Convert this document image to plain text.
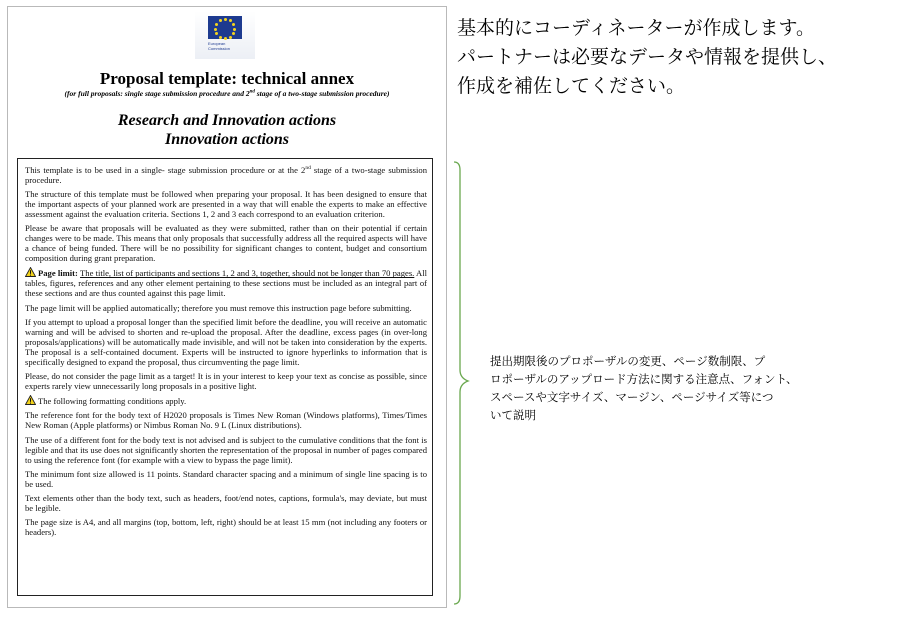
European
Commission
Proposal template: technical annex
(for full proposals: single stage submission procedure and 2nd stage of a two-stage submission procedure)
Research and Innovation actions
Innovation actions

This template is to be used in a single- stage submission procedure or at the 2nd stage of a two-stage submission procedure.

The structure of this template must be followed when preparing your proposal. It has been designed to ensure that the important aspects of your planned work are presented in a way that will enable the experts to make an effective assessment against the evaluation criteria. Sections 1, 2 and 3 each correspond to an evaluation criterion.

Please be aware that proposals will be evaluated as they were submitted, rather than on their potential if certain changes were to be made. This means that only proposals that successfully address all the required aspects will have a chance of being funded. There will be no possibility for significant changes to content, budget and consortium composition during grant preparation.

Page limit: The title, list of participants and sections 1, 2 and 3, together, should not be longer than 70 pages. All tables, figures, references and any other element pertaining to these sections must be included as an integral part of these sections and are thus counted against this page limit.

The page limit will be applied automatically; therefore you must remove this instruction page before submitting.

If you attempt to upload a proposal longer than the specified limit before the deadline, you will receive an automatic warning and will be advised to shorten and re-upload the proposal. After the deadline, excess pages (in over-long proposals/applications) will be automatically made invisible, and will not be taken into consideration by the experts. The proposal is a self-contained document. Experts will be instructed to ignore hyperlinks to information that is specifically designed to expand the proposal, thus circumventing the page limit.

Please, do not consider the page limit as a target! It is in your interest to keep your text as concise as possible, since experts rarely view unnecessarily long proposals in a positive light.

The following formatting conditions apply.

The reference font for the body text of H2020 proposals is Times New Roman (Windows platforms), Times/Times New Roman (Apple platforms) or Nimbus Roman No. 9 L (Linux distributions).

The use of a different font for the body text is not advised and is subject to the cumulative conditions that the font is legible and that its use does not significantly shorten the representation of the proposal in number of pages compared to using the reference font (for example with a view to bypass the page limit).

The minimum font size allowed is 11 points. Standard character spacing and a minimum of single line spacing is to be used.

Text elements other than the body text, such as headers, foot/end notes, captions, formula's, may deviate, but must be legible.

The page size is A4, and all margins (top, bottom, left, right) should be at least 15 mm (not including any footers or headers).

基本的にコーディネーターが作成します。
パートナーは必要なデータや情報を提供し、
作成を補佐してください。
提出期限後のプロポーザルの変更、ページ数制限、プ
ロポーザルのアップロード方法に関する注意点、フォント、
スペースや文字サイズ、マージン、ページサイズ等につ
いて説明
